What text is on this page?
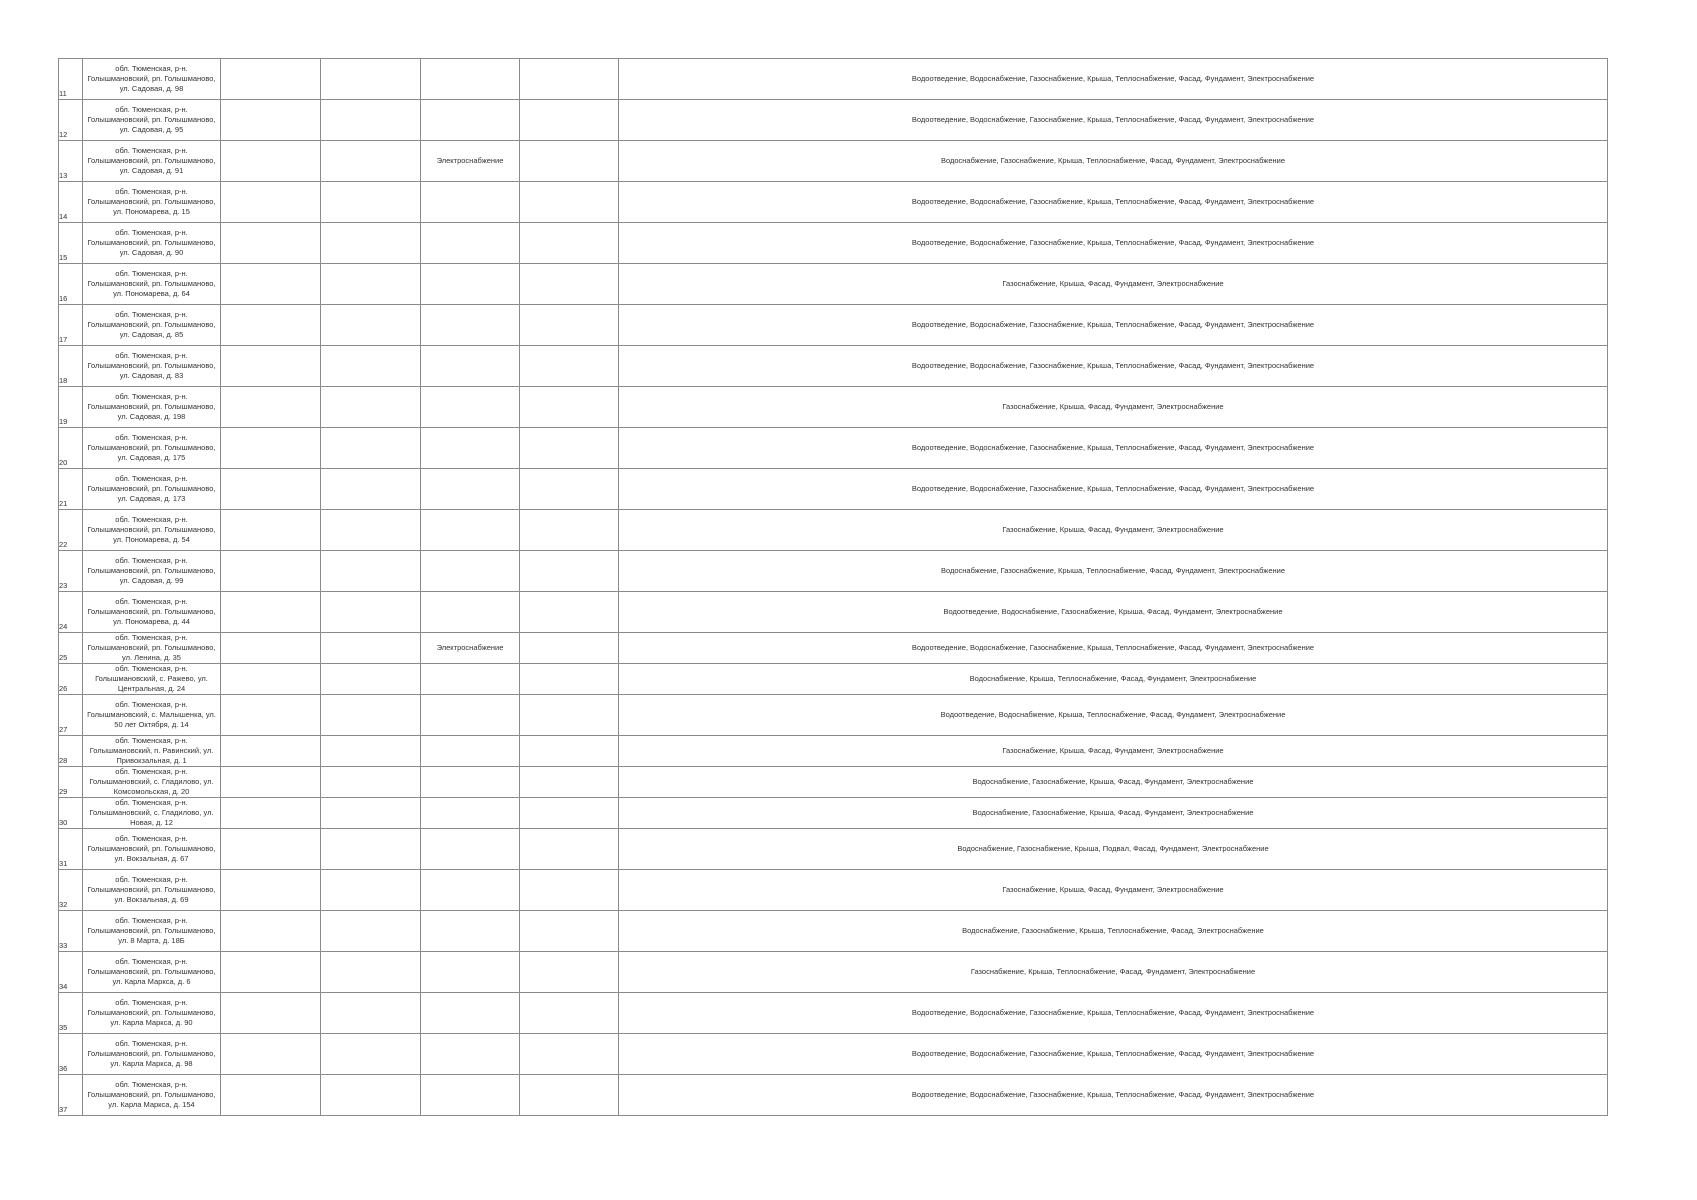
11	обл. Тюменская, р-н.
Голышмановский, рп. Голышманово,
ул. Садовая, д. 98					Водоотведение, Водоснабжение, Газоснабжение, Крыша, Теплоснабжение, Фасад, Фундамент, Электроснабжение
12	обл. Тюменская, р-н.
Голышмановский, рп. Голышманово,
ул. Садовая, д. 95					Водоотведение, Водоснабжение, Газоснабжение, Крыша, Теплоснабжение, Фасад, Фундамент, Электроснабжение
13	обл. Тюменская, р-н.
Голышмановский, рп. Голышманово,
ул. Садовая, д. 91			Электроснабжение		Водоснабжение, Газоснабжение, Крыша, Теплоснабжение, Фасад, Фундамент, Электроснабжение
14	обл. Тюменская, р-н.
Голышмановский, рп. Голышманово,
ул. Пономарева, д. 15					Водоотведение, Водоснабжение, Газоснабжение, Крыша, Теплоснабжение, Фасад, Фундамент, Электроснабжение
15	обл. Тюменская, р-н.
Голышмановский, рп. Голышманово,
ул. Садовая, д. 90					Водоотведение, Водоснабжение, Газоснабжение, Крыша, Теплоснабжение, Фасад, Фундамент, Электроснабжение
16	обл. Тюменская, р-н.
Голышмановский, рп. Голышманово,
ул. Пономарева, д. 64					Газоснабжение, Крыша, Фасад, Фундамент, Электроснабжение
17	обл. Тюменская, р-н.
Голышмановский, рп. Голышманово,
ул. Садовая, д. 85					Водоотведение, Водоснабжение, Газоснабжение, Крыша, Теплоснабжение, Фасад, Фундамент, Электроснабжение
18	обл. Тюменская, р-н.
Голышмановский, рп. Голышманово,
ул. Садовая, д. 83					Водоотведение, Водоснабжение, Газоснабжение, Крыша, Теплоснабжение, Фасад, Фундамент, Электроснабжение
19	обл. Тюменская, р-н.
Голышмановский, рп. Голышманово,
ул. Садовая, д. 198					Газоснабжение, Крыша, Фасад, Фундамент, Электроснабжение
20	обл. Тюменская, р-н.
Голышмановский, рп. Голышманово,
ул. Садовая, д. 175					Водоотведение, Водоснабжение, Газоснабжение, Крыша, Теплоснабжение, Фасад, Фундамент, Электроснабжение
21	обл. Тюменская, р-н.
Голышмановский, рп. Голышманово,
ул. Садовая, д. 173					Водоотведение, Водоснабжение, Газоснабжение, Крыша, Теплоснабжение, Фасад, Фундамент, Электроснабжение
22	обл. Тюменская, р-н.
Голышмановский, рп. Голышманово,
ул. Пономарева, д. 54					Газоснабжение, Крыша, Фасад, Фундамент, Электроснабжение
23	обл. Тюменская, р-н.
Голышмановский, рп. Голышманово,
ул. Садовая, д. 99					Водоснабжение, Газоснабжение, Крыша, Теплоснабжение, Фасад, Фундамент, Электроснабжение
24	обл. Тюменская, р-н.
Голышмановский, рп. Голышманово,
ул. Пономарева, д. 44					Водоотведение, Водоснабжение, Газоснабжение, Крыша, Фасад, Фундамент, Электроснабжение
25	обл. Тюменская, р-н.
Голышмановский, рп. Голышманово,
ул. Ленина, д. 35			Электроснабжение		Водоотведение, Водоснабжение, Газоснабжение, Крыша, Теплоснабжение, Фасад, Фундамент, Электроснабжение
26	обл. Тюменская, р-н.
Голышмановский, с. Ражево, ул.
Центральная, д. 24					Водоснабжение, Крыша, Теплоснабжение, Фасад, Фундамент, Электроснабжение
27	обл. Тюменская, р-н.
Голышмановский, с. Малышенка, ул.
50 лет Октября, д. 14					Водоотведение, Водоснабжение, Крыша, Теплоснабжение, Фасад, Фундамент, Электроснабжение
28	обл. Тюменская, р-н.
Голышмановский, п. Равинский, ул.
Привокзальная, д. 1					Газоснабжение, Крыша, Фасад, Фундамент, Электроснабжение
29	обл. Тюменская, р-н.
Голышмановский, с. Гладилово, ул.
Комсомольская, д. 20					Водоснабжение, Газоснабжение, Крыша, Фасад, Фундамент, Электроснабжение
30	обл. Тюменская, р-н.
Голышмановский, с. Гладилово, ул.
Новая, д. 12					Водоснабжение, Газоснабжение, Крыша, Фасад, Фундамент, Электроснабжение
31	обл. Тюменская, р-н.
Голышмановский, рп. Голышманово,
ул. Вокзальная, д. 67					Водоснабжение, Газоснабжение, Крыша, Подвал, Фасад, Фундамент, Электроснабжение
32	обл. Тюменская, р-н.
Голышмановский, рп. Голышманово,
ул. Вокзальная, д. 69					Газоснабжение, Крыша, Фасад, Фундамент, Электроснабжение
33	обл. Тюменская, р-н.
Голышмановский, рп. Голышманово,
ул. 8 Марта, д. 18Б					Водоснабжение, Газоснабжение, Крыша, Теплоснабжение, Фасад, Электроснабжение
34	обл. Тюменская, р-н.
Голышмановский, рп. Голышманово,
ул. Карла Маркса, д. 6					Газоснабжение, Крыша, Теплоснабжение, Фасад, Фундамент, Электроснабжение
35	обл. Тюменская, р-н.
Голышмановский, рп. Голышманово,
ул. Карла Маркса, д. 90					Водоотведение, Водоснабжение, Газоснабжение, Крыша, Теплоснабжение, Фасад, Фундамент, Электроснабжение
36	обл. Тюменская, р-н.
Голышмановский, рп. Голышманово,
ул. Карла Маркса, д. 98					Водоотведение, Водоснабжение, Газоснабжение, Крыша, Теплоснабжение, Фасад, Фундамент, Электроснабжение
37	обл. Тюменская, р-н.
Голышмановский, рп. Голышманово,
ул. Карла Маркса, д. 154					Водоотведение, Водоснабжение, Газоснабжение, Крыша, Теплоснабжение, Фасад, Фундамент, Электроснабжение
